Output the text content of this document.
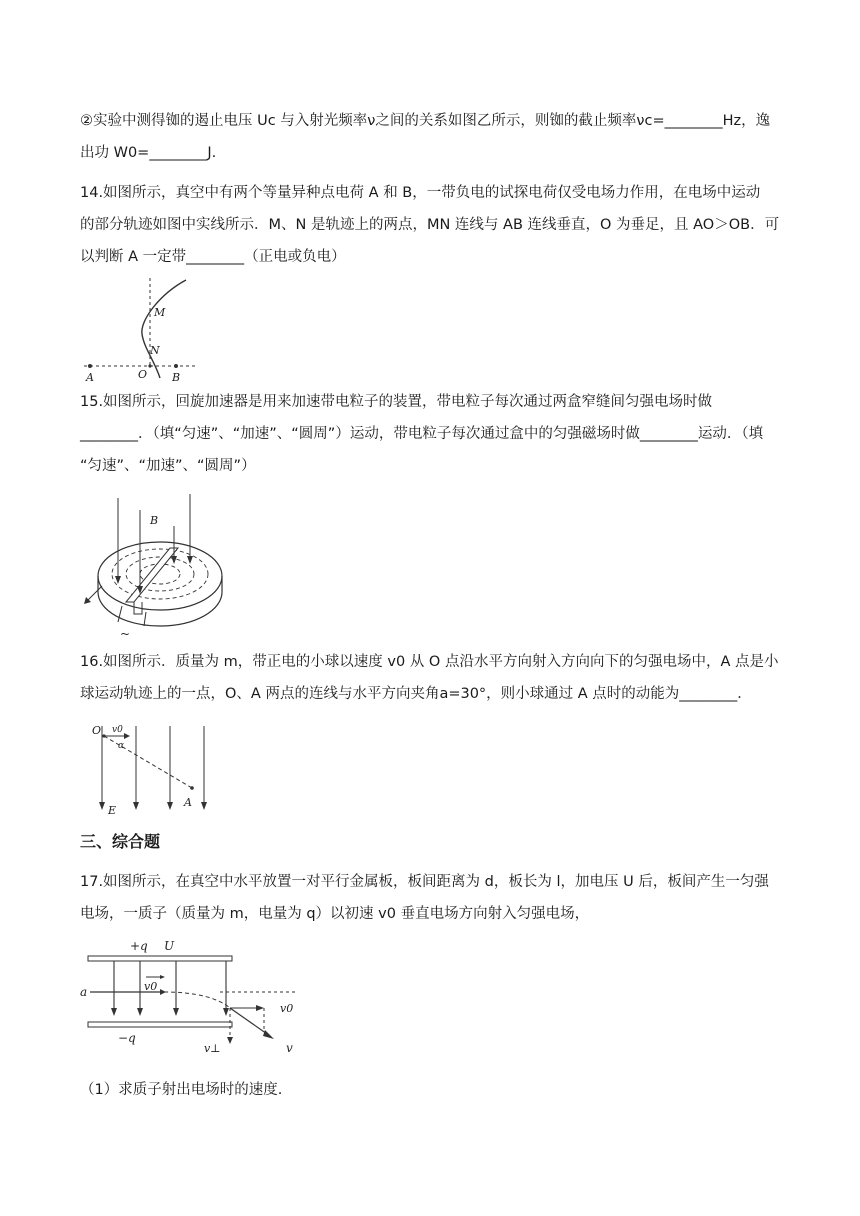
②实验中测得铷的遏止电压 Uc 与入射光频率ν之间的关系如图乙所示，则铷的截止频率νc=________Hz，逸

出功 W0=________J.

14.如图所示，真空中有两个等量异种点电荷 A 和 B，一带负电的试探电荷仅受电场力作用，在电场中运动

的部分轨迹如图中实线所示．M、N 是轨迹上的两点，MN 连线与 AB 连线垂直，O 为垂足，且 AO＞OB．可

以判断 A 一定带________（正电或负电）

M
N
A	O B

15.如图所示，回旋加速器是用来加速带电粒子的装置，带电粒子每次通过两盒窄缝间匀强电场时做

________．（填“匀速”、“加速”、“圆周”）运动，带电粒子每次通过盒中的匀强磁场时做________运动．（填

“匀速”、“加速”、“圆周”）

B
~

16.如图所示．质量为 m，带正电的小球以速度 v0 从 O 点沿水平方向射入方向向下的匀强电场中，A 点是小

球运动轨迹上的一点，O、A 两点的连线与水平方向夹角a=30°，则小球通过 A 点时的动能为________．

O v0
α
E
A
三、综合题

17.如图所示，在真空中水平放置一对平行金属板，板间距离为 d，板长为 l，加电压 U 后，板间产生一匀强

电场，一质子（质量为 m，电量为 q）以初速 v0 垂直电场方向射入匀强电场，

+q U
v0
a
v0
−q
v⊥	v

（1）求质子射出电场时的速度.
